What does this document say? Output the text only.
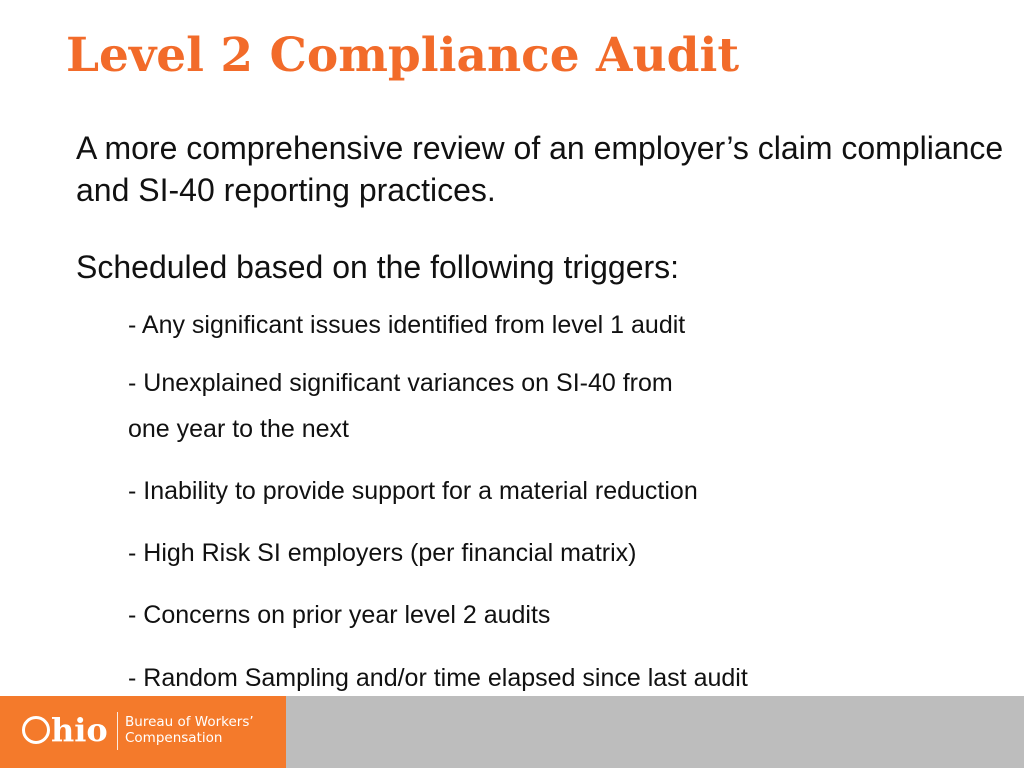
Level 2 Compliance Audit

A more comprehensive review of an employer’s claim compliance and SI-40 reporting practices.

Scheduled based on the following triggers:

- Any significant issues identified from level 1 audit

- Unexplained significant variances on SI-40 from
one year to the next

- Inability to provide support for a material reduction

- High Risk SI employers (per financial matrix)

- Concerns on prior year level 2 audits

- Random Sampling and/or time elapsed since last audit

hio Bureau of Workers’
Compensation
